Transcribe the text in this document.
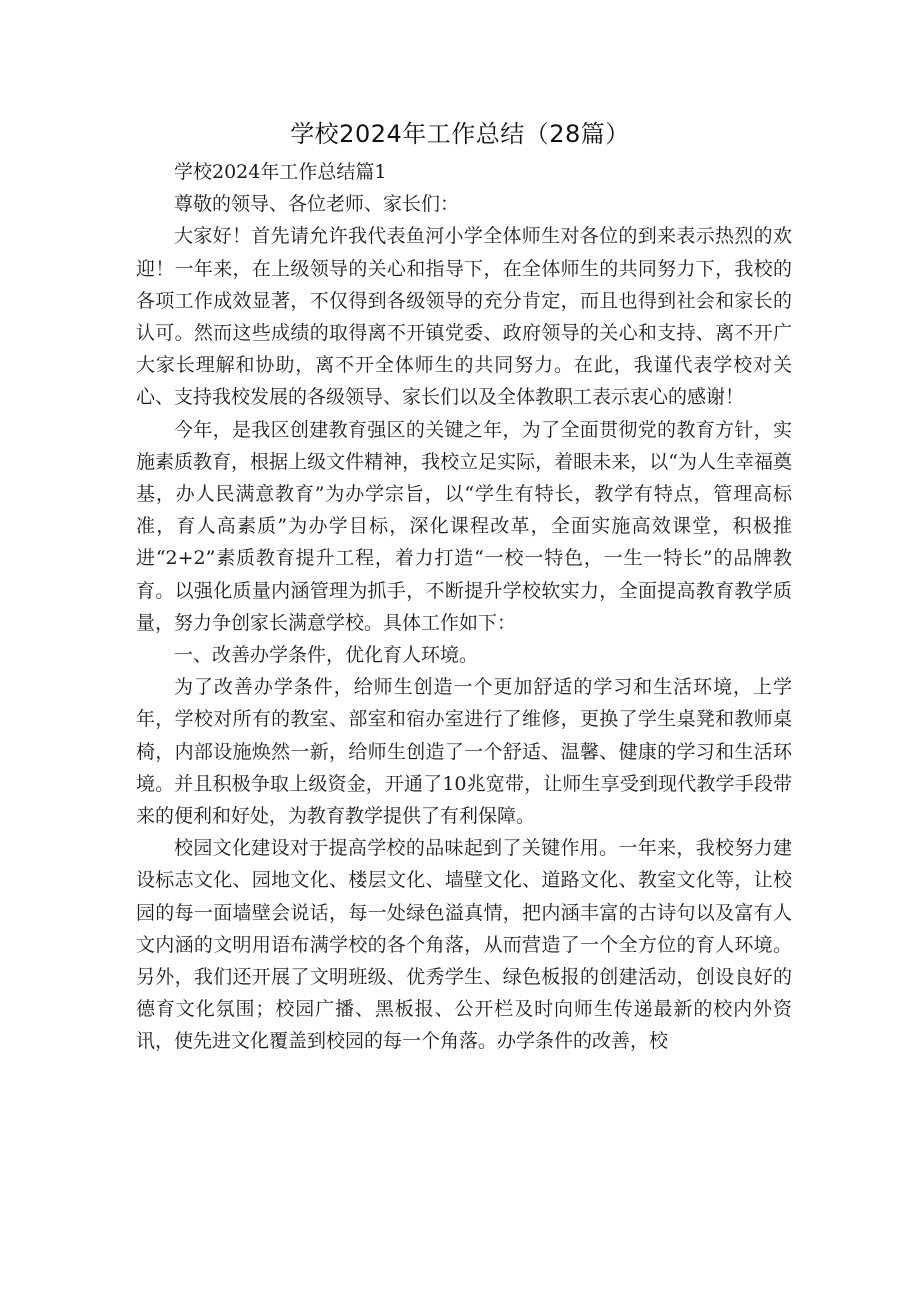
学校2024年工作总结（28篇）

学校2024年工作总结篇1

尊敬的领导、各位老师、家长们：

大家好！首先请允许我代表鱼河小学全体师生对各位的到来表示热烈的欢迎！一年来，在上级领导的关心和指导下，在全体师生的共同努力下，我校的各项工作成效显著，不仅得到各级领导的充分肯定，而且也得到社会和家长的认可。然而这些成绩的取得离不开镇党委、政府领导的关心和支持、离不开广大家长理解和协助，离不开全体师生的共同努力。在此，我谨代表学校对关心、支持我校发展的各级领导、家长们以及全体教职工表示衷心的感谢！

今年，是我区创建教育强区的关键之年，为了全面贯彻党的教育方针，实施素质教育，根据上级文件精神，我校立足实际，着眼未来，以“为人生幸福奠基，办人民满意教育”为办学宗旨，以“学生有特长，教学有特点，管理高标准，育人高素质”为办学目标，深化课程改革，全面实施高效课堂，积极推进“2+2”素质教育提升工程，着力打造“一校一特色，一生一特长”的品牌教育。以强化质量内涵管理为抓手，不断提升学校软实力，全面提高教育教学质量，努力争创家长满意学校。具体工作如下：

一、改善办学条件，优化育人环境。

为了改善办学条件，给师生创造一个更加舒适的学习和生活环境，上学年，学校对所有的教室、部室和宿办室进行了维修，更换了学生桌凳和教师桌椅，内部设施焕然一新，给师生创造了一个舒适、温馨、健康的学习和生活环境。并且积极争取上级资金，开通了10兆宽带，让师生享受到现代教学手段带来的便利和好处，为教育教学提供了有利保障。

校园文化建设对于提高学校的品味起到了关键作用。一年来，我校努力建设标志文化、园地文化、楼层文化、墙壁文化、道路文化、教室文化等，让校园的每一面墙壁会说话，每一处绿色溢真情，把内涵丰富的古诗句以及富有人文内涵的文明用语布满学校的各个角落，从而营造了一个全方位的育人环境。另外，我们还开展了文明班级、优秀学生、绿色板报的创建活动，创设良好的德育文化氛围；校园广播、黑板报、公开栏及时向师生传递最新的校内外资讯，使先进文化覆盖到校园的每一个角落。办学条件的改善，校
